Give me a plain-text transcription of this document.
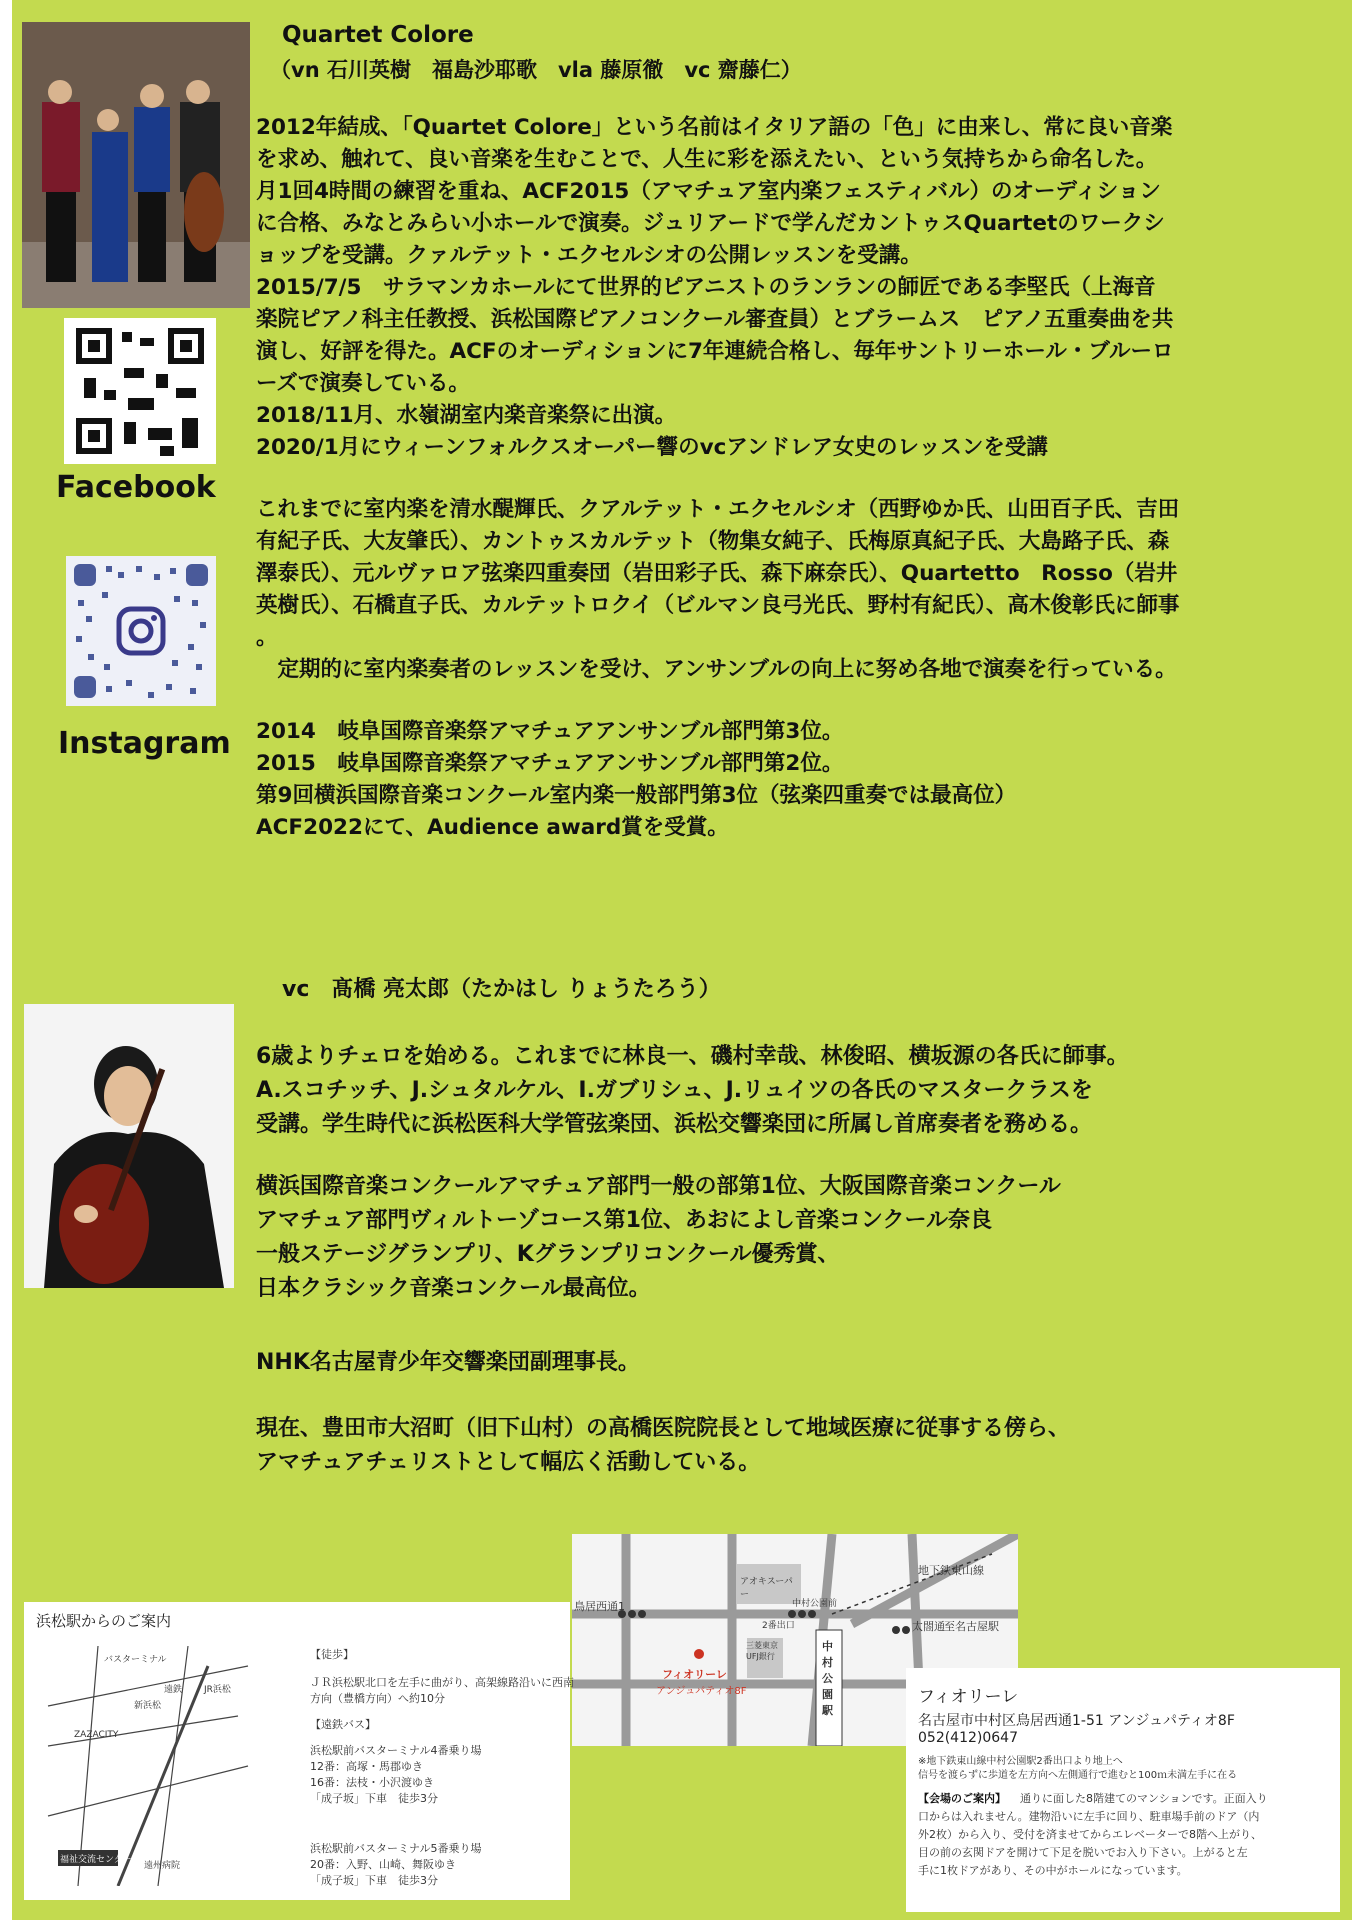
Facebook
Instagram
Quartet Colore
（vn 石川英樹　福島沙耶歌　vla 藤原徹　vc 齋藤仁）

2012年結成、「Quartet Colore」という名前はイタリア語の「色」に由来し、常に良い音楽

を求め、触れて、良い音楽を生むことで、人生に彩を添えたい、という気持ちから命名した。

月1回4時間の練習を重ね、ACF2015（アマチュア室内楽フェスティバル）のオーディション

に合格、みなとみらい小ホールで演奏。ジュリアードで学んだカントゥスQuartetのワークシ

ョップを受講。クァルテット・エクセルシオの公開レッスンを受講。

2015/7/5　サラマンカホールにて世界的ピアニストのランランの師匠である李堅氏（上海音

楽院ピアノ科主任教授、浜松国際ピアノコンクール審査員）とブラームス　ピアノ五重奏曲を共

演し、好評を得た。ACFのオーディションに7年連続合格し、毎年サントリーホール・ブルーロ

ーズで演奏している。

2018/11月、水嶺湖室内楽音楽祭に出演。

2020/1月にウィーンフォルクスオーパー響のvcアンドレア女史のレッスンを受講

これまでに室内楽を清水醍輝氏、クアルテット・エクセルシオ（西野ゆか氏、山田百子氏、吉田

有紀子氏、大友肇氏）、カントゥスカルテット（物集女純子、氏梅原真紀子氏、大島路子氏、森

澤泰氏）、元ルヴァロア弦楽四重奏団（岩田彩子氏、森下麻奈氏）、Quartetto　Rosso（岩井

英樹氏）、石橋直子氏、カルテットロクイ（ビルマン良弓光氏、野村有紀氏）、高木俊彰氏に師事

。

　定期的に室内楽奏者のレッスンを受け、アンサンブルの向上に努め各地で演奏を行っている。

2014　岐阜国際音楽祭アマチュアアンサンブル部門第3位。

2015　岐阜国際音楽祭アマチュアアンサンブル部門第2位。

第9回横浜国際音楽コンクール室内楽一般部門第3位（弦楽四重奏では最高位）

ACF2022にて、Audience award賞を受賞。

vc　髙橋 亮太郎（たかはし りょうたろう）

6歳よりチェロを始める。これまでに林良一、磯村幸哉、林俊昭、横坂源の各氏に師事。

A.スコチッチ、J.シュタルケル、I.ガブリシュ、J.リュイツの各氏のマスタークラスを

受講。学生時代に浜松医科大学管弦楽団、浜松交響楽団に所属し首席奏者を務める。

横浜国際音楽コンクールアマチュア部門一般の部第1位、大阪国際音楽コンクール

アマチュア部門ヴィルトーゾコース第1位、あおによし音楽コンクール奈良

一般ステージグランプリ、Kグランプリコンクール優秀賞、

日本クラシック音楽コンクール最高位。

NHK名古屋青少年交響楽団副理事長。

現在、豊田市大沼町（旧下山村）の高橋医院院長として地域医療に従事する傍ら、

アマチュアチェリストとして幅広く活動している。

地下鉄東山線
鳥居西通1
アオキスーパー
中村公園前
太閤通 至名古屋駅
2番出口
三菱東京UFJ銀行
フィオリーレ
アンジュパティオ8F
中村公園駅
浜松駅からのご案内
バスターミナル
遠鉄
新浜松
ZAZACITY
福祉交流センター
JR浜松
遠州病院
【徒歩】
ＪＲ浜松駅北口を左手に曲がり、高架線路沿いに西南
方向（豊橋方向）へ約10分
【遠鉄バス】
浜松駅前バスターミナル4番乗り場
12番：高塚・馬郡ゆき
16番：法枝・小沢渡ゆき
「成子坂」下車　徒歩3分
浜松駅前バスターミナル5番乗り場
20番：入野、山崎、舞阪ゆき
「成子坂」下車　徒歩3分
フィオリーレ
名古屋市中村区鳥居西通1-51 アンジュパティオ8F
052(412)0647
※地下鉄東山線中村公園駅2番出口より地上へ
信号を渡らずに歩道を左方向へ左側通行で進むと100ｍ未満左手に在る
【会場のご案内】 通りに面した8階建てのマンションです。正面入り
口からは入れません。建物沿いに左手に回り、駐車場手前のドア（内
外2枚）から入り、受付を済ませてからエレベーターで8階へ上がり、
目の前の玄関ドアを開けて下足を脱いでお入り下さい。上がると左
手に1枚ドアがあり、その中がホールになっています。
